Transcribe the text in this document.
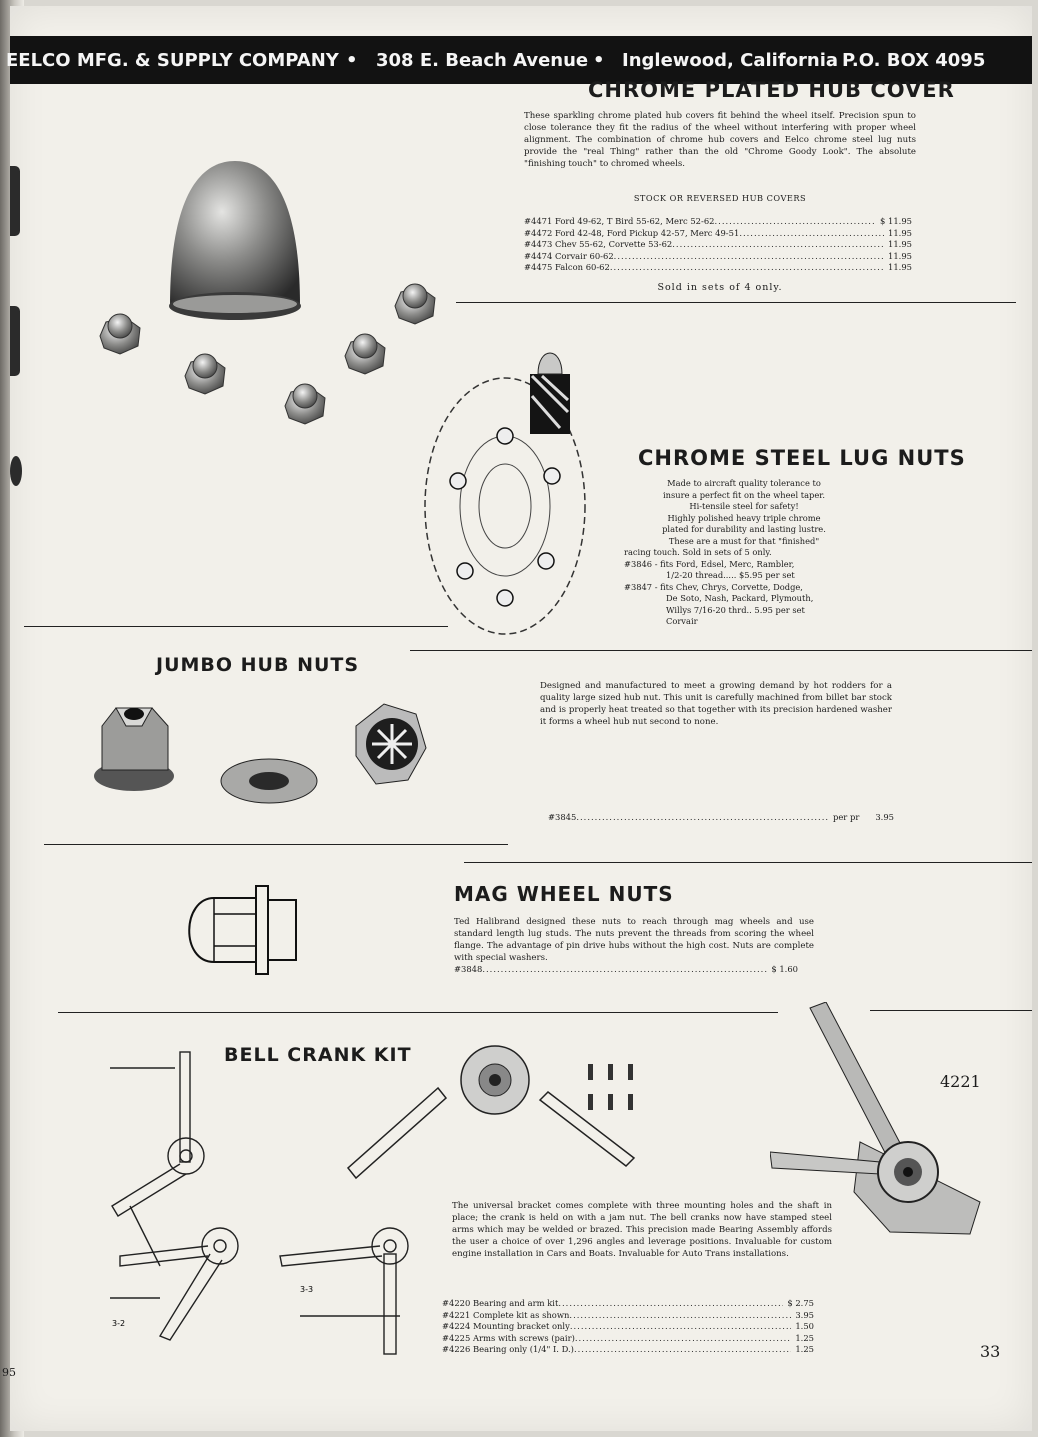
EELCO MFG. & SUPPLY COMPANY • 308 E. Beach Avenue • Inglewood, California P.O. BOX 4095
CHROME PLATED HUB COVER
These sparkling chrome plated hub covers fit behind the wheel itself. Precision spun to close tolerance they fit the radius of the wheel without interfering with proper wheel alignment. The combination of chrome hub covers and Eelco chrome steel lug nuts provide the "real Thing" rather than the old "Chrome Goody Look". The absolute "finishing touch" to chromed wheels.
STOCK OR REVERSED HUB COVERS
#4471 Ford 49-62, T Bird 55-62, Merc 52-62 .....	$ 11.95
#4472 Ford 42-48, Ford Pickup 42-57, Merc 49-51 .....	11.95
#4473 Chev 55-62, Corvette 53-62 .....	11.95
#4474 Corvair 60-62 .....	11.95
#4475 Falcon 60-62 .....	11.95
Sold in sets of 4 only.
CHROME STEEL LUG NUTS
Made to aircraft quality tolerance to
insure a perfect fit on the wheel taper.
Hi-tensile steel for safety!
Highly polished heavy triple chrome
plated for durability and lasting lustre.
These are a must for that "finished"
racing touch. Sold in sets of 5 only.
#3846 - fits Ford, Edsel, Merc, Rambler,
1/2-20 thread..... $5.95 per set
#3847 - fits Chev, Chrys, Corvette, Dodge,
De Soto, Nash, Packard, Plymouth,
Willys 7/16-20 thrd.. 5.95 per set
Corvair
JUMBO HUB NUTS
Designed and manufactured to meet a growing demand by hot rodders for a quality large sized hub nut. This unit is carefully machined from billet bar stock and is properly heat treated so that together with its precision hardened washer it forms a wheel hub nut second to none.
#3845 .....	per pr	3.95
MAG WHEEL NUTS
Ted Halibrand designed these nuts to reach through mag wheels and use standard length lug studs. The nuts prevent the threads from scoring the wheel flange. The advantage of pin drive hubs without the high cost. Nuts are complete with special washers.
#3848 .....	$ 1.60
BELL CRANK KIT
4221
The universal bracket comes complete with three mounting holes and the shaft in place; the crank is held on with a jam nut. The bell cranks now have stamped steel arms which may be welded or brazed. This precision made Bearing Assembly affords the user a choice of over 1,296 angles and leverage positions. Invaluable for custom engine installation in Cars and Boats. Invaluable for Auto Trans installations.
#4220 Bearing and arm kit .....	$ 2.75
#4221 Complete kit as shown .....	3.95
#4224 Mounting bracket only .....	1.50
#4225 Arms with screws (pair) .....	1.25
#4226 Bearing only (1/4" I. D.) .....	1.25
3-2
3-3
33
95
